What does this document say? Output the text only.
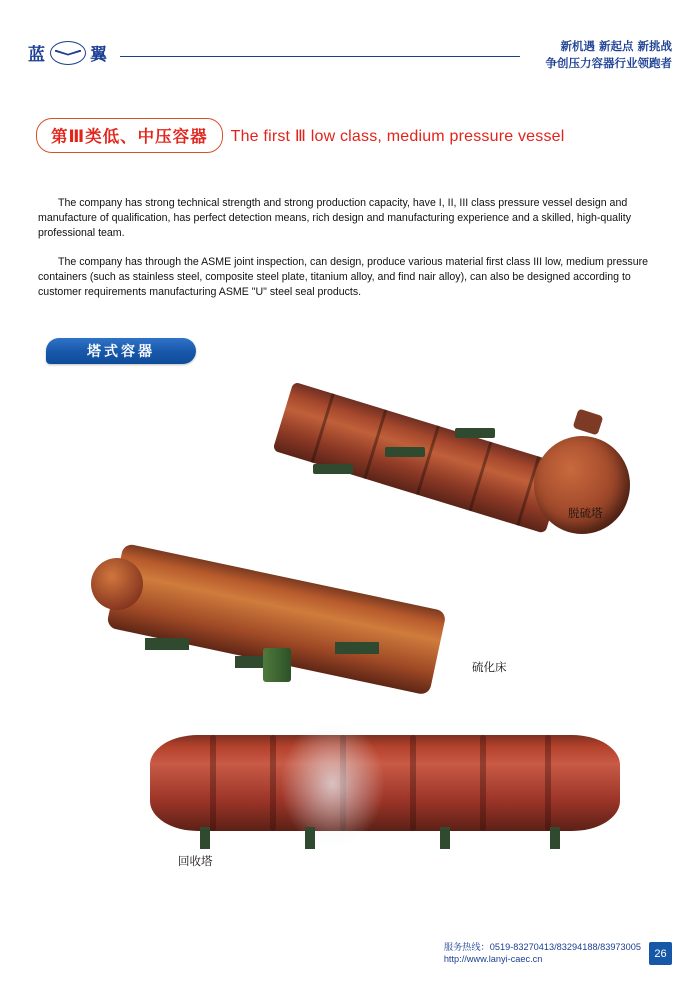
蓝	翼	新机遇 新起点 新挑战
争创压力容器行业领跑者
第Ⅲ类低、中压容器	The first Ⅲ low class, medium pressure vessel

The company has strong technical strength and strong production capacity, have I, II, III class pressure vessel design and manufacture of qualification, has perfect detection means, rich design and manufacturing experience and a skilled, high-quality professional team.

The company has through the ASME joint inspection, can design, produce various material first class III low, medium pressure containers (such as stainless steel, composite steel plate, titanium alloy, and find nair alloy), can also be designed according to customer requirements manufacturing ASME "U" steel seal products.

塔式容器
脱硫塔
硫化床
回收塔
服务热线：0519-83270413/83294188/83973005
http://www.lanyi-caec.cn	26
